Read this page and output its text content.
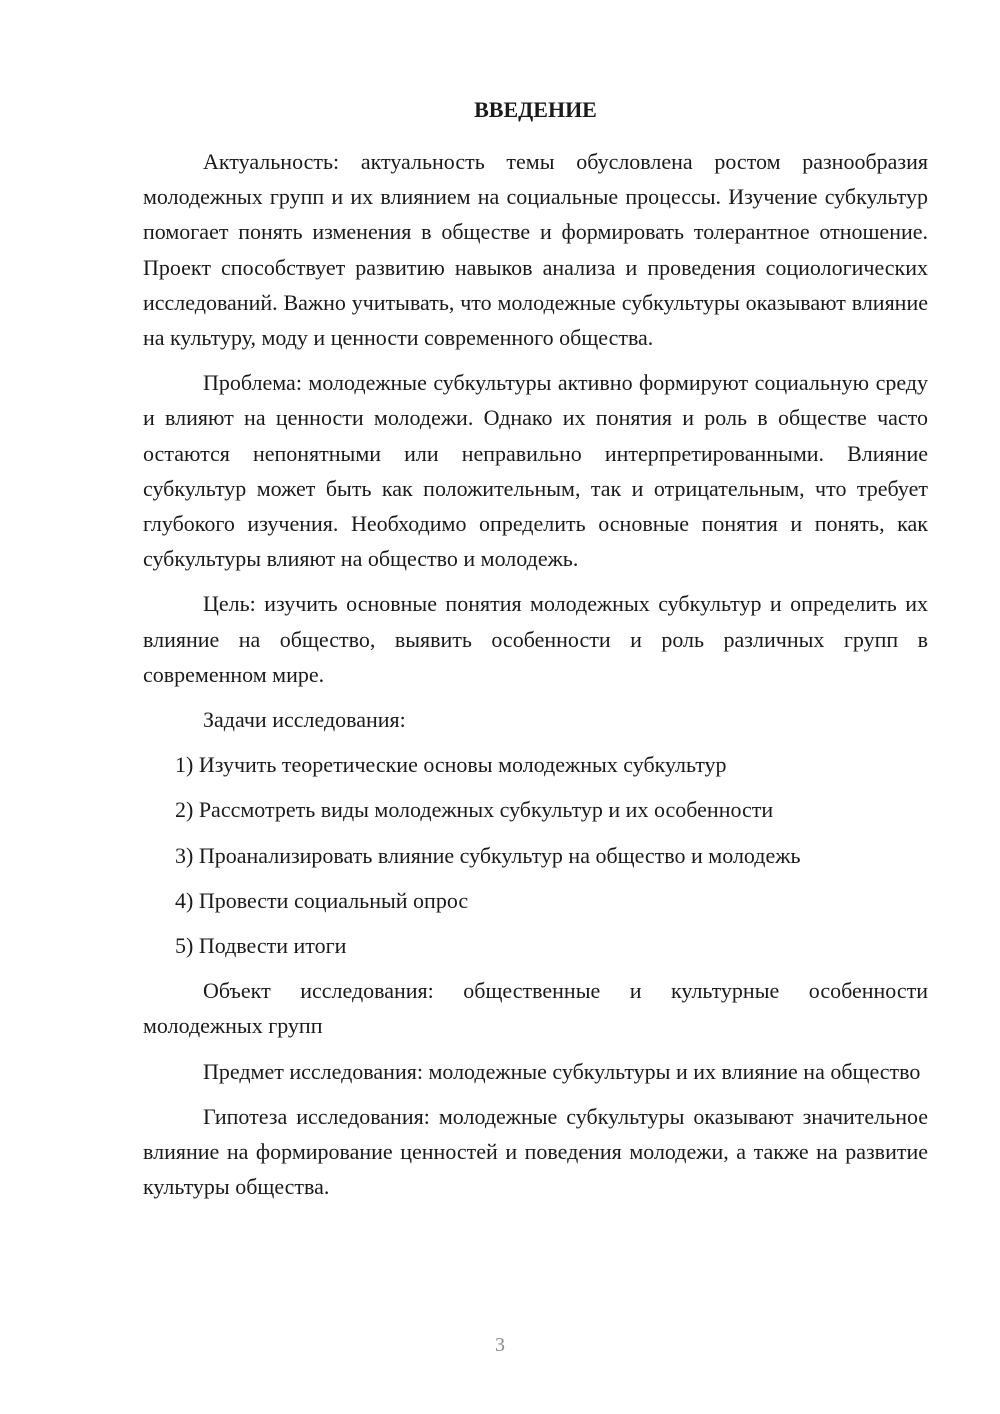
ВВЕДЕНИЕ

Актуальность: актуальность темы обусловлена ростом разнообразия молодежных групп и их влиянием на социальные процессы. Изучение субкультур помогает понять изменения в обществе и формировать толерантное отношение. Проект способствует развитию навыков анализа и проведения социологических исследований. Важно учитывать, что молодежные субкультуры оказывают влияние на культуру, моду и ценности современного общества.

Проблема: молодежные субкультуры активно формируют социальную среду и влияют на ценности молодежи. Однако их понятия и роль в обществе часто остаются непонятными или неправильно интерпретированными. Влияние субкультур может быть как положительным, так и отрицательным, что требует глубокого изучения. Необходимо определить основные понятия и понять, как субкультуры влияют на общество и молодежь.

Цель: изучить основные понятия молодежных субкультур и определить их влияние на общество, выявить особенности и роль различных групп в современном мире.

Задачи исследования:

1) Изучить теоретические основы молодежных субкультур
2) Рассмотреть виды молодежных субкультур и их особенности
3) Проанализировать влияние субкультур на общество и молодежь
4) Провести социальный опрос
5) Подвести итоги

Объект исследования: общественные и культурные особенности молодежных групп

Предмет исследования: молодежные субкультуры и их влияние на общество

Гипотеза исследования: молодежные субкультуры оказывают значительное влияние на формирование ценностей и поведения молодежи, а также на развитие культуры общества.

3
